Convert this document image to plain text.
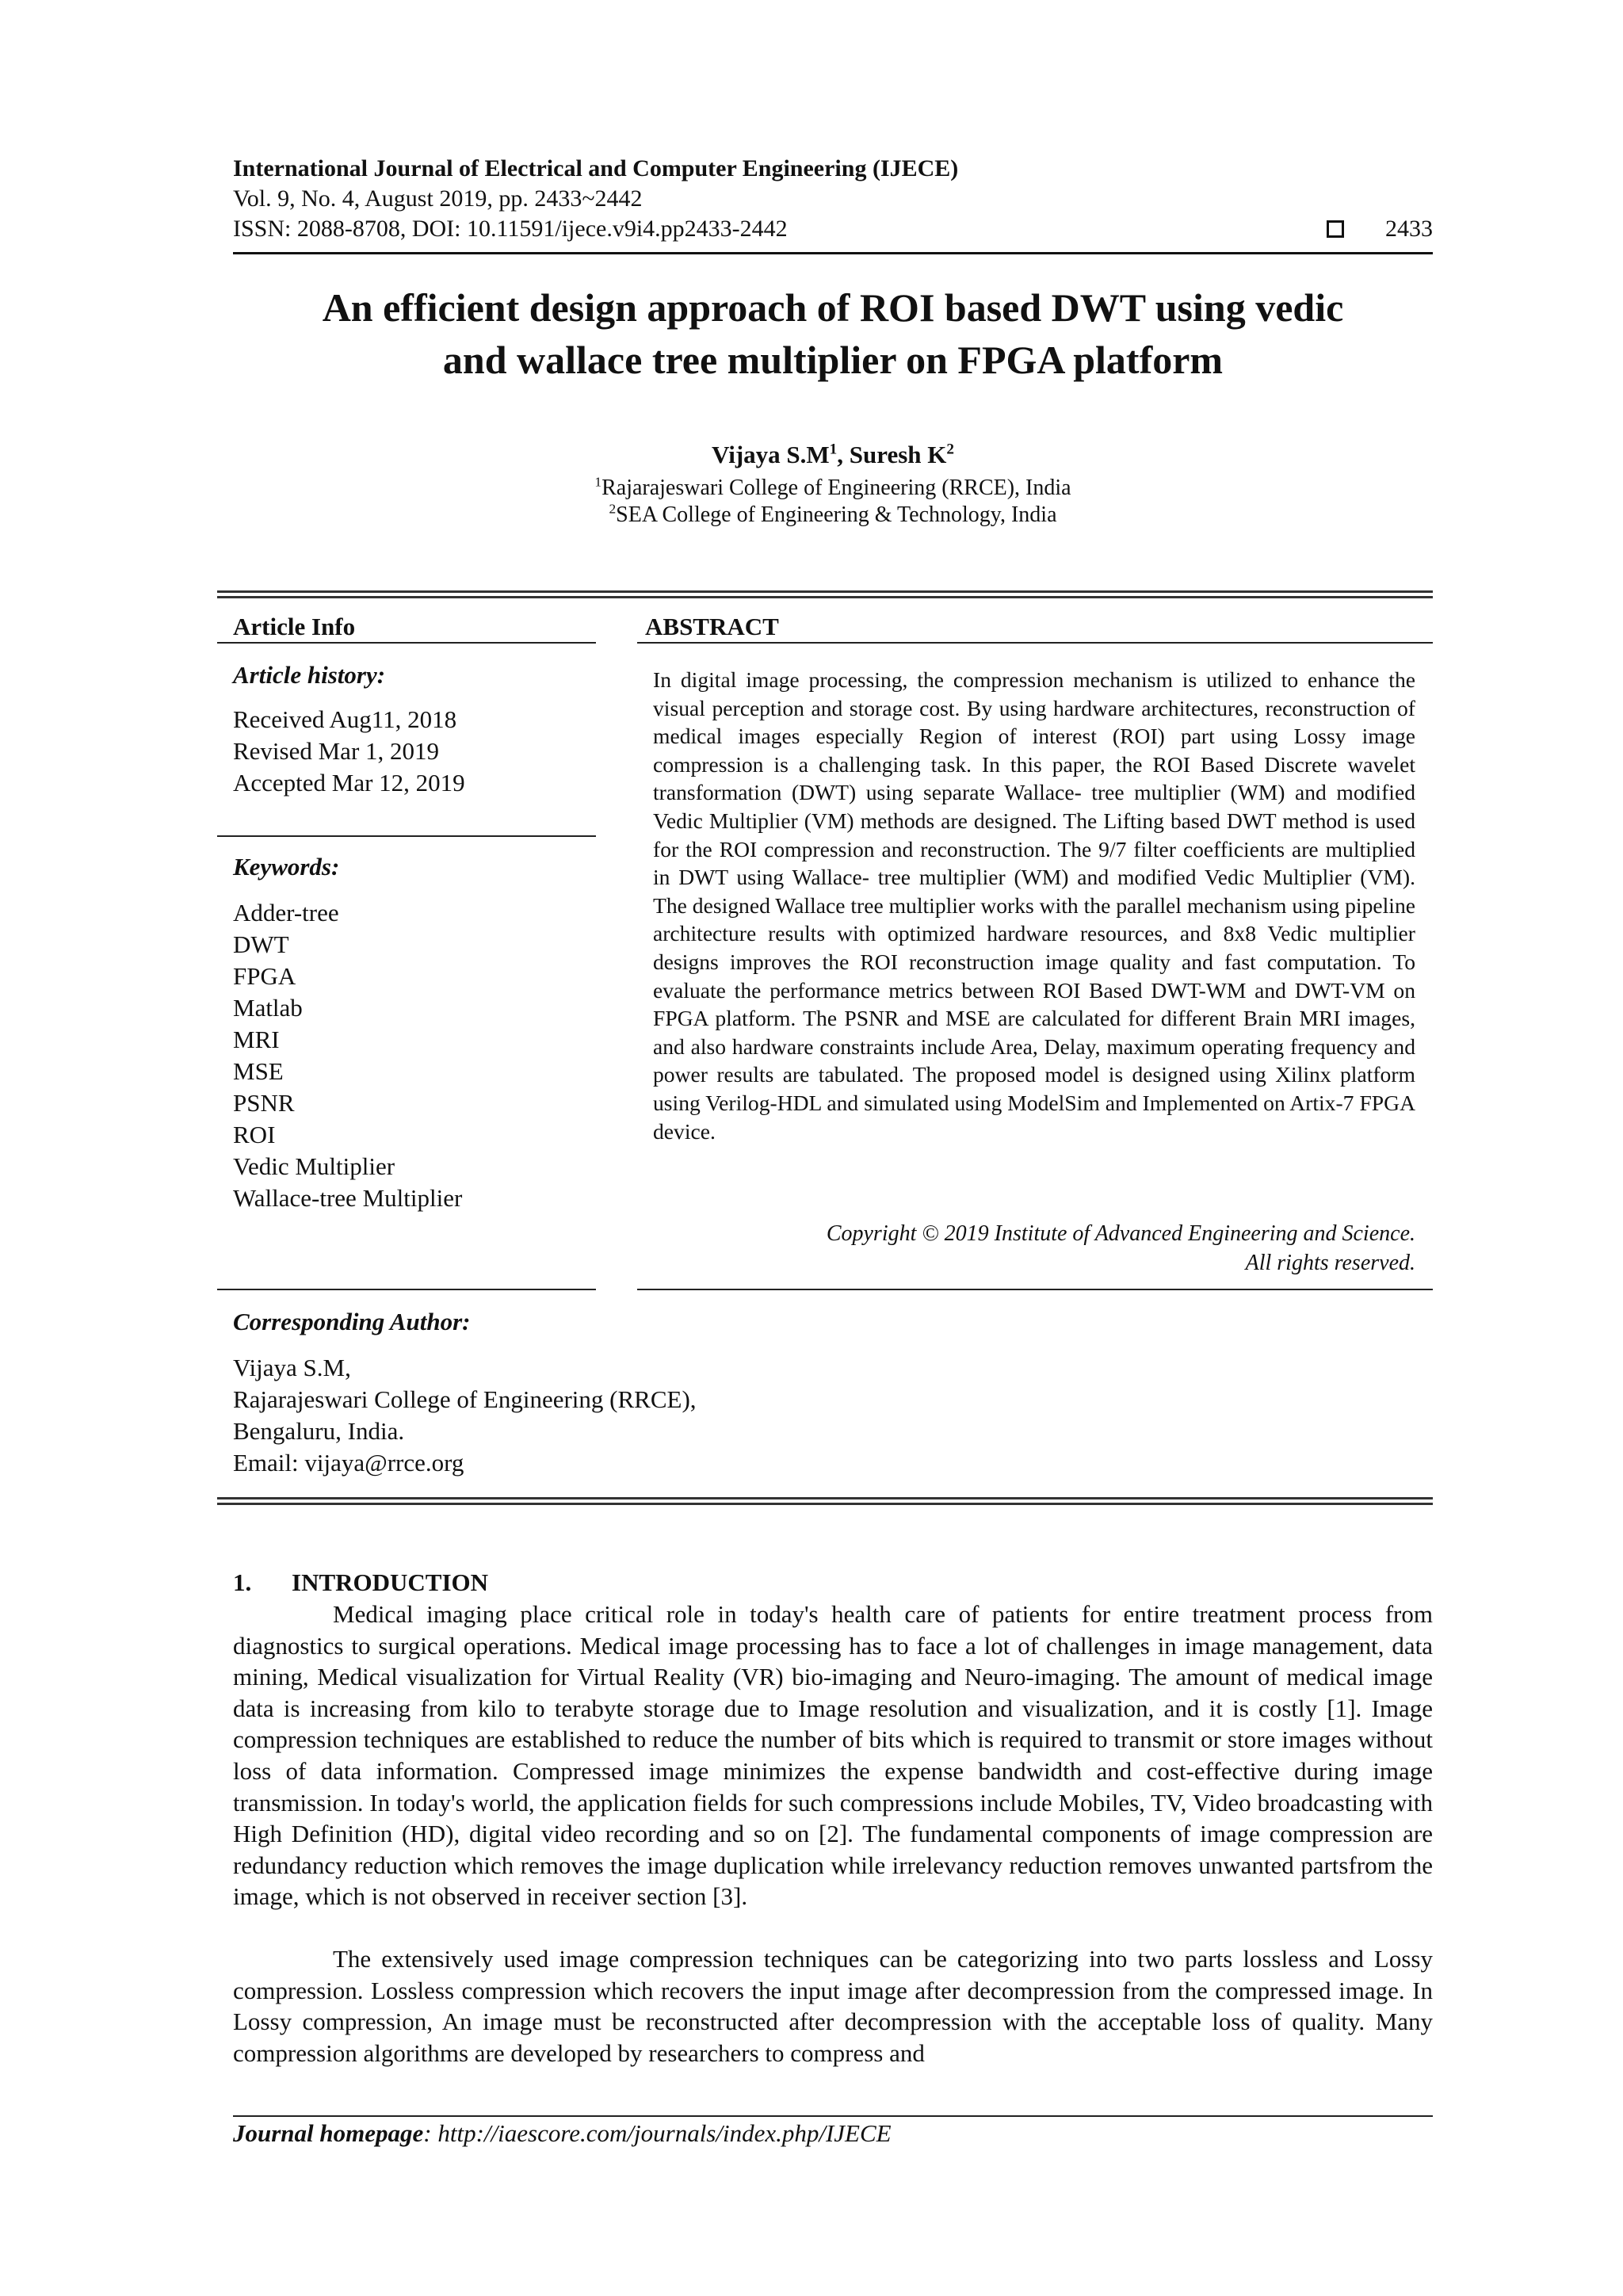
International Journal of Electrical and Computer Engineering (IJECE)
Vol. 9, No. 4, August 2019, pp. 2433~2442
ISSN: 2088-8708, DOI: 10.11591/ijece.v9i4.pp2433-2442	2433
An efficient design approach of ROI based DWT using vedic
and wallace tree multiplier on FPGA platform
Vijaya $S.M^1$, Suresh $K^2$
$^1$Rajarajeswari College of Engineering (RRCE), India
$^2$SEA College of Engineering & Technology, India
Article Info
Article history:
Received Aug11, 2018
Revised Mar 1, 2019
Accepted Mar 12, 2019
Keywords:
Adder-tree
DWT
FPGA
Matlab
MRI
MSE
PSNR
ROI
Vedic Multiplier
Wallace-tree Multiplier
ABSTRACT
In digital image processing, the compression mechanism is utilized to enhance the visual perception and storage cost. By using hardware architectures, reconstruction of medical images especially Region of interest (ROI) part using Lossy image compression is a challenging task. In this paper, the ROI Based Discrete wavelet transformation (DWT) using separate Wallace- tree multiplier (WM) and modified Vedic Multiplier (VM) methods are designed. The Lifting based DWT method is used for the ROI compression and reconstruction. The 9/7 filter coefficients are multiplied in DWT using Wallace- tree multiplier (WM) and modified Vedic Multiplier (VM). The designed Wallace tree multiplier works with the parallel mechanism using pipeline architecture results with optimized hardware resources, and 8x8 Vedic multiplier designs improves the ROI reconstruction image quality and fast computation. To evaluate the performance metrics between ROI Based DWT-WM and DWT-VM on FPGA platform. The PSNR and MSE are calculated for different Brain MRI images, and also hardware constraints include Area, Delay, maximum operating frequency and power results are tabulated. The proposed model is designed using Xilinx platform using Verilog-HDL and simulated using ModelSim and Implemented on Artix-7 FPGA device.
Copyright © 2019 Institute of Advanced Engineering and Science.
All rights reserved.
Corresponding Author:
Vijaya S.M,
Rajarajeswari College of Engineering (RRCE),
Bengaluru, India.
Email: vijaya@rrce.org
1. INTRODUCTION

Medical imaging place critical role in today's health care of patients for entire treatment process from diagnostics to surgical operations. Medical image processing has to face a lot of challenges in image management, data mining, Medical visualization for Virtual Reality (VR) bio-imaging and Neuro-imaging. The amount of medical image data is increasing from kilo to terabyte storage due to Image resolution and visualization, and it is costly [1]. Image compression techniques are established to reduce the number of bits which is required to transmit or store images without loss of data information. Compressed image minimizes the expense bandwidth and cost-effective during image transmission. In today's world, the application fields for such compressions include Mobiles, TV, Video broadcasting with High Definition (HD), digital video recording and so on [2]. The fundamental components of image compression are redundancy reduction which removes the image duplication while irrelevancy reduction removes unwanted partsfrom the image, which is not observed in receiver section [3].

The extensively used image compression techniques can be categorizing into two parts lossless and Lossy compression. Lossless compression which recovers the input image after decompression from the compressed image. In Lossy compression, An image must be reconstructed after decompression with the acceptable loss of quality. Many compression algorithms are developed by researchers to compress and

Journal homepage: http://iaescore.com/journals/index.php/IJECE
